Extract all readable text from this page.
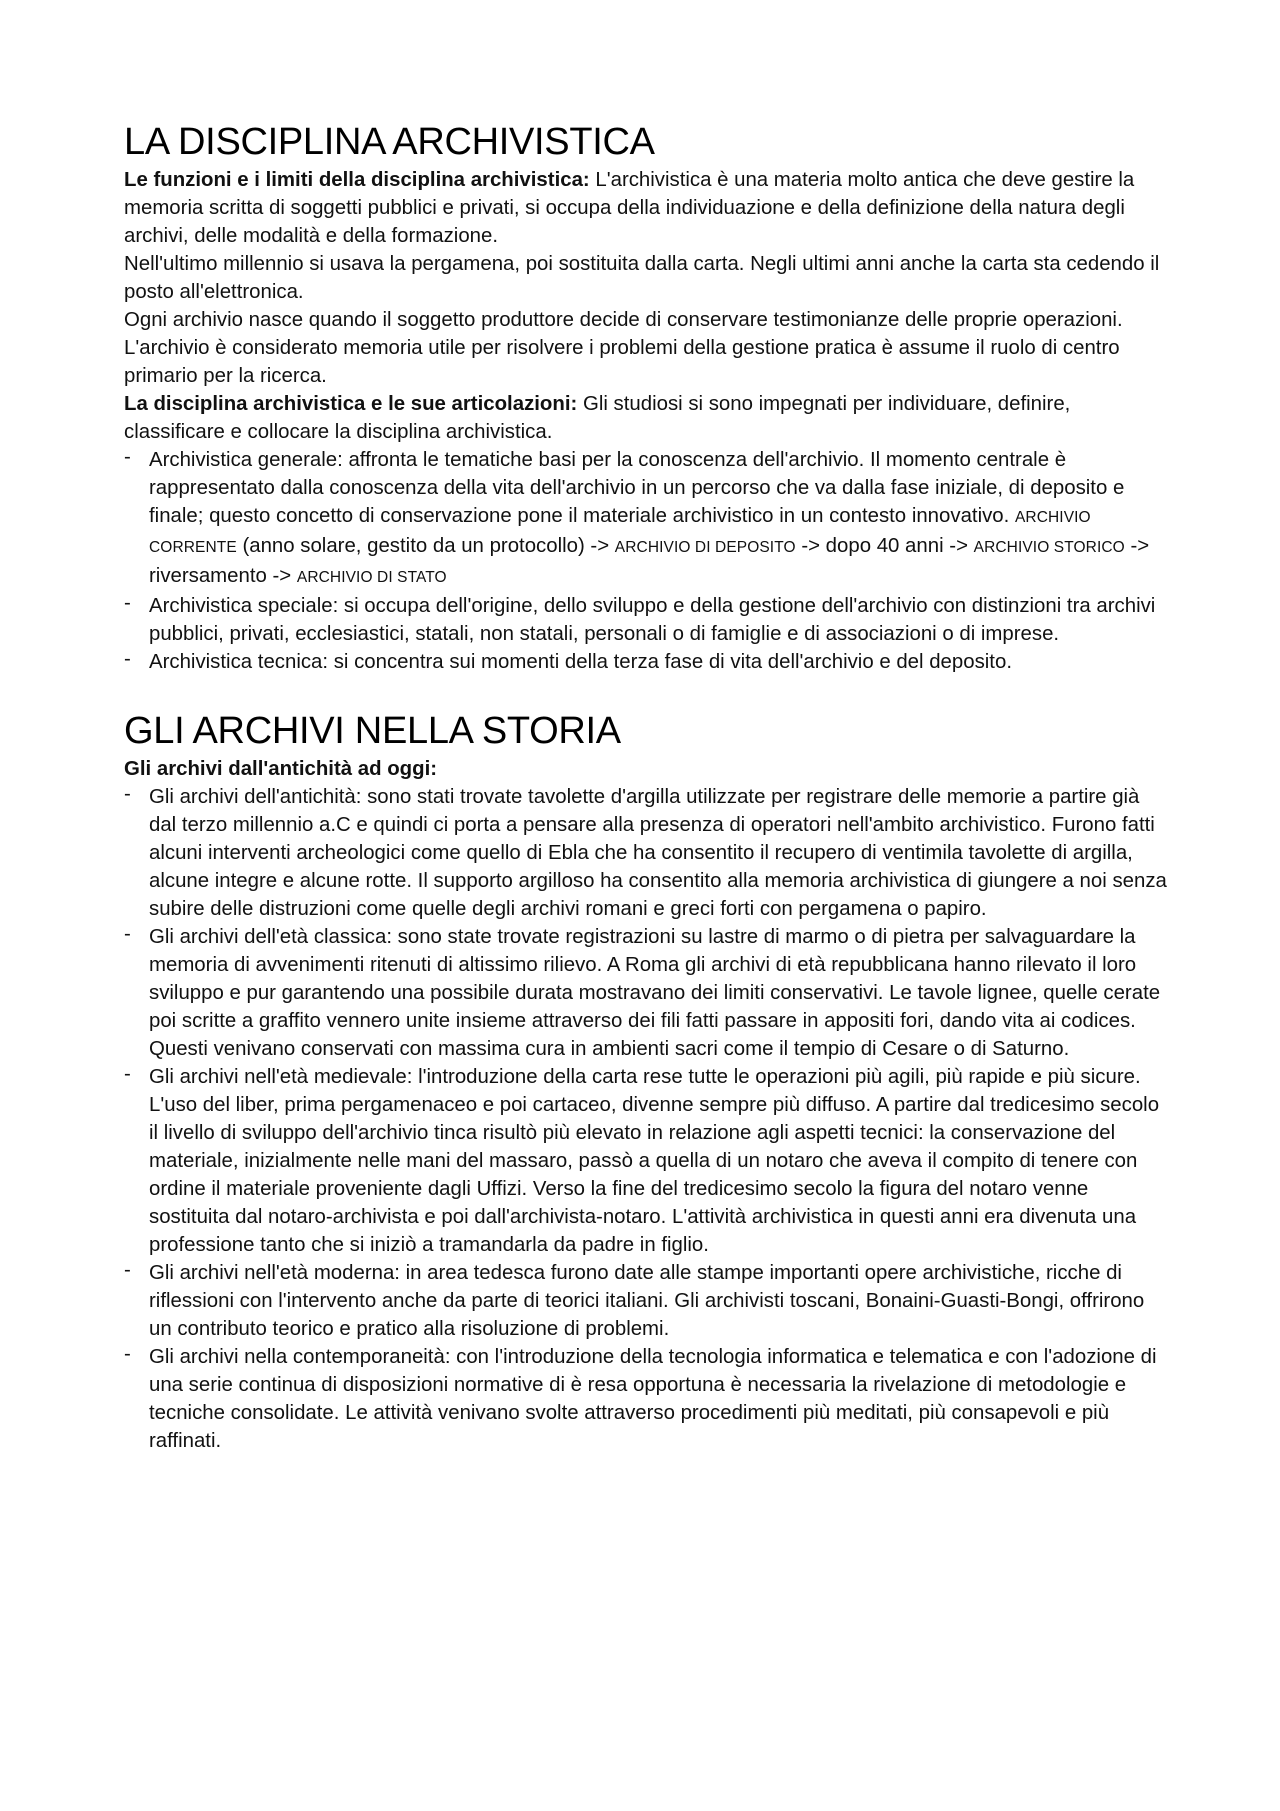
LA DISCIPLINA ARCHIVISTICA

Le funzioni e i limiti della disciplina archivistica: L'archivistica è una materia molto antica che deve gestire la memoria scritta di soggetti pubblici e privati, si occupa della individuazione e della definizione della natura degli archivi, delle modalità e della formazione.

Nell'ultimo millennio si usava la pergamena, poi sostituita dalla carta. Negli ultimi anni anche la carta sta cedendo il posto all'elettronica.

Ogni archivio nasce quando il soggetto produttore decide di conservare testimonianze delle proprie operazioni. L'archivio è considerato memoria utile per risolvere i problemi della gestione pratica è assume il ruolo di centro primario per la ricerca.

La disciplina archivistica e le sue articolazioni: Gli studiosi si sono impegnati per individuare, definire, classificare e collocare la disciplina archivistica.

- Archivistica generale: affronta le tematiche basi per la conoscenza dell'archivio. Il momento centrale è rappresentato dalla conoscenza della vita dell'archivio in un percorso che va dalla fase iniziale, di deposito e finale; questo concetto di conservazione pone il materiale archivistico in un contesto innovativo. ARCHIVIO CORRENTE (anno solare, gestito da un protocollo) -> ARCHIVIO DI DEPOSITO -> dopo 40 anni -> ARCHIVIO STORICO -> riversamento -> ARCHIVIO DI STATO
- Archivistica speciale: si occupa dell'origine, dello sviluppo e della gestione dell'archivio con distinzioni tra archivi pubblici, privati, ecclesiastici, statali, non statali, personali o di famiglie e di associazioni o di imprese.
- Archivistica tecnica: si concentra sui momenti della terza fase di vita dell'archivio e del deposito.
GLI ARCHIVI NELLA STORIA

Gli archivi dall'antichità ad oggi:

- Gli archivi dell'antichità: sono stati trovate tavolette d'argilla utilizzate per registrare delle memorie a partire già dal terzo millennio a.C e quindi ci porta a pensare alla presenza di operatori nell'ambito archivistico. Furono fatti alcuni interventi archeologici come quello di Ebla che ha consentito il recupero di ventimila tavolette di argilla, alcune integre e alcune rotte. Il supporto argilloso ha consentito alla memoria archivistica di giungere a noi senza subire delle distruzioni come quelle degli archivi romani e greci forti con pergamena o papiro.
- Gli archivi dell'età classica: sono state trovate registrazioni su lastre di marmo o di pietra per salvaguardare la memoria di avvenimenti ritenuti di altissimo rilievo. A Roma gli archivi di età repubblicana hanno rilevato il loro sviluppo e pur garantendo una possibile durata mostravano dei limiti conservativi. Le tavole lignee, quelle cerate poi scritte a graffito vennero unite insieme attraverso dei fili fatti passare in appositi fori, dando vita ai codices. Questi venivano conservati con massima cura in ambienti sacri come il tempio di Cesare o di Saturno.
- Gli archivi nell'età medievale: l'introduzione della carta rese tutte le operazioni più agili, più rapide e più sicure. L'uso del liber, prima pergamenaceo e poi cartaceo, divenne sempre più diffuso. A partire dal tredicesimo secolo il livello di sviluppo dell'archivio tinca risultò più elevato in relazione agli aspetti tecnici: la conservazione del materiale, inizialmente nelle mani del massaro, passò a quella di un notaro che aveva il compito di tenere con ordine il materiale proveniente dagli Uffizi. Verso la fine del tredicesimo secolo la figura del notaro venne sostituita dal notaro-archivista e poi dall'archivista-notaro. L'attività archivistica in questi anni era divenuta una professione tanto che si iniziò a tramandarla da padre in figlio.
- Gli archivi nell'età moderna: in area tedesca furono date alle stampe importanti opere archivistiche, ricche di riflessioni con l'intervento anche da parte di teorici italiani. Gli archivisti toscani, Bonaini-Guasti-Bongi, offrirono un contributo teorico e pratico alla risoluzione di problemi.
- Gli archivi nella contemporaneità: con l'introduzione della tecnologia informatica e telematica e con l'adozione di una serie continua di disposizioni normative di è resa opportuna è necessaria la rivelazione di metodologie e tecniche consolidate. Le attività venivano svolte attraverso procedimenti più meditati, più consapevoli e più raffinati.
